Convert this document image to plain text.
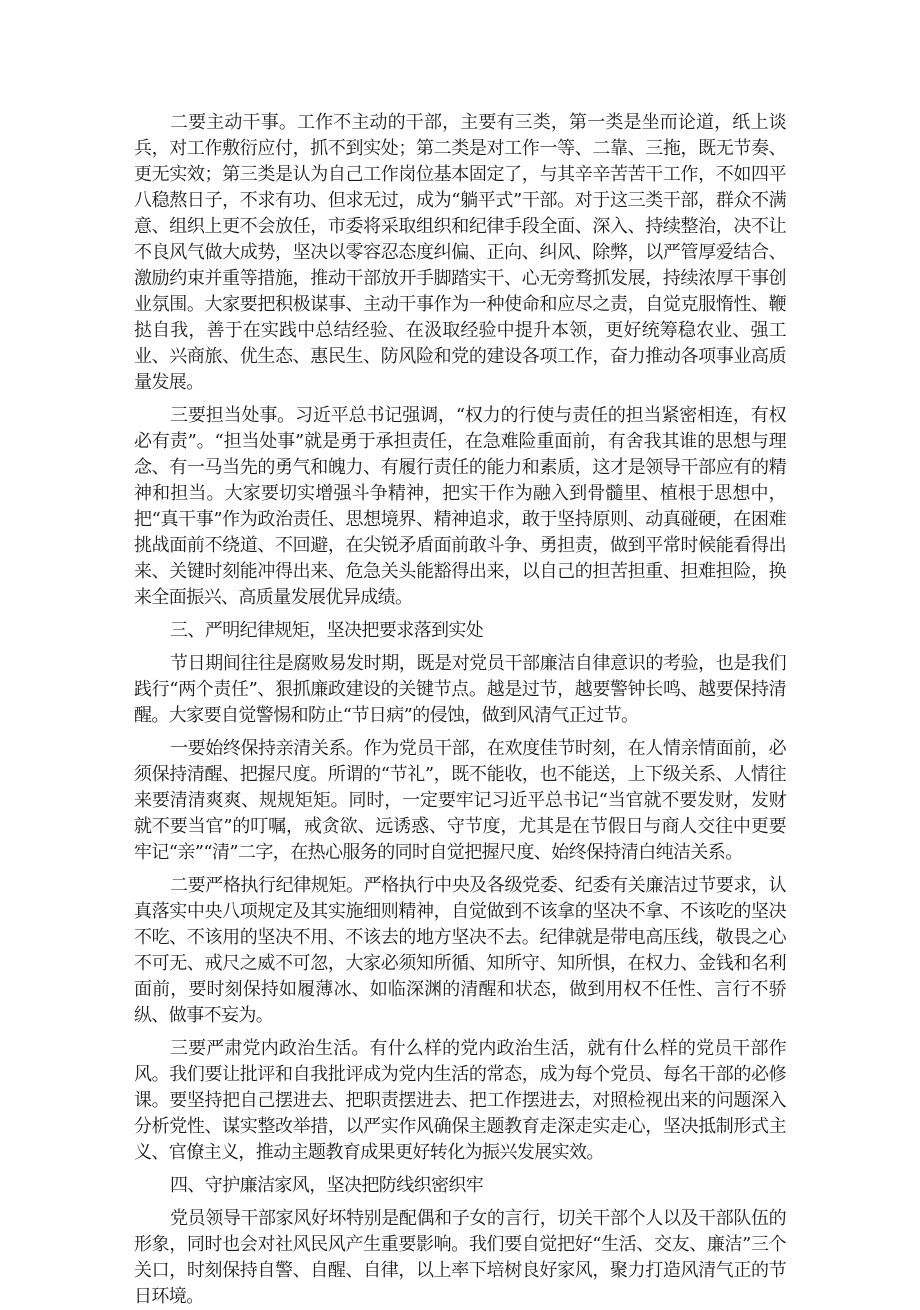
二要主动干事。工作不主动的干部，主要有三类，第一类是坐而论道，纸上谈兵，对工作敷衍应付，抓不到实处；第二类是对工作一等、二靠、三拖，既无节奏、更无实效；第三类是认为自己工作岗位基本固定了，与其辛辛苦苦干工作，不如四平八稳熬日子，不求有功、但求无过，成为“躺平式”干部。对于这三类干部，群众不满意、组织上更不会放任，市委将采取组织和纪律手段全面、深入、持续整治，决不让不良风气做大成势，坚决以零容忍态度纠偏、正向、纠风、除弊，以严管厚爱结合、激励约束并重等措施，推动干部放开手脚踏实干、心无旁骛抓发展，持续浓厚干事创业氛围。大家要把积极谋事、主动干事作为一种使命和应尽之责，自觉克服惰性、鞭挞自我，善于在实践中总结经验、在汲取经验中提升本领，更好统筹稳农业、强工业、兴商旅、优生态、惠民生、防风险和党的建设各项工作，奋力推动各项事业高质量发展。

三要担当处事。习近平总书记强调，“权力的行使与责任的担当紧密相连，有权必有责”。“担当处事”就是勇于承担责任，在急难险重面前，有舍我其谁的思想与理念、有一马当先的勇气和魄力、有履行责任的能力和素质，这才是领导干部应有的精神和担当。大家要切实增强斗争精神，把实干作为融入到骨髓里、植根于思想中，把“真干事”作为政治责任、思想境界、精神追求，敢于坚持原则、动真碰硬，在困难挑战面前不绕道、不回避，在尖锐矛盾面前敢斗争、勇担责，做到平常时候能看得出来、关键时刻能冲得出来、危急关头能豁得出来，以自己的担苦担重、担难担险，换来全面振兴、高质量发展优异成绩。

三、严明纪律规矩，坚决把要求落到实处

节日期间往往是腐败易发时期，既是对党员干部廉洁自律意识的考验，也是我们践行“两个责任”、狠抓廉政建设的关键节点。越是过节，越要警钟长鸣、越要保持清醒。大家要自觉警惕和防止“节日病”的侵蚀，做到风清气正过节。

一要始终保持亲清关系。作为党员干部，在欢度佳节时刻，在人情亲情面前，必须保持清醒、把握尺度。所谓的“节礼”，既不能收，也不能送，上下级关系、人情往来要清清爽爽、规规矩矩。同时，一定要牢记习近平总书记“当官就不要发财，发财就不要当官”的叮嘱，戒贪欲、远诱惑、守节度，尤其是在节假日与商人交往中更要牢记“亲”“清”二字，在热心服务的同时自觉把握尺度、始终保持清白纯洁关系。

二要严格执行纪律规矩。严格执行中央及各级党委、纪委有关廉洁过节要求，认真落实中央八项规定及其实施细则精神，自觉做到不该拿的坚决不拿、不该吃的坚决不吃、不该用的坚决不用、不该去的地方坚决不去。纪律就是带电高压线，敬畏之心不可无、戒尺之威不可忽，大家必须知所循、知所守、知所惧，在权力、金钱和名利面前，要时刻保持如履薄冰、如临深渊的清醒和状态，做到用权不任性、言行不骄纵、做事不妄为。

三要严肃党内政治生活。有什么样的党内政治生活，就有什么样的党员干部作风。我们要让批评和自我批评成为党内生活的常态，成为每个党员、每名干部的必修课。要坚持把自己摆进去、把职责摆进去、把工作摆进去，对照检视出来的问题深入分析党性、谋实整改举措，以严实作风确保主题教育走深走实走心，坚决抵制形式主义、官僚主义，推动主题教育成果更好转化为振兴发展实效。

四、守护廉洁家风，坚决把防线织密织牢

党员领导干部家风好坏特别是配偶和子女的言行，切关干部个人以及干部队伍的形象，同时也会对社风民风产生重要影响。我们要自觉把好“生活、交友、廉洁”三个关口，时刻保持自警、自醒、自律，以上率下培树良好家风，聚力打造风清气正的节日环境。
